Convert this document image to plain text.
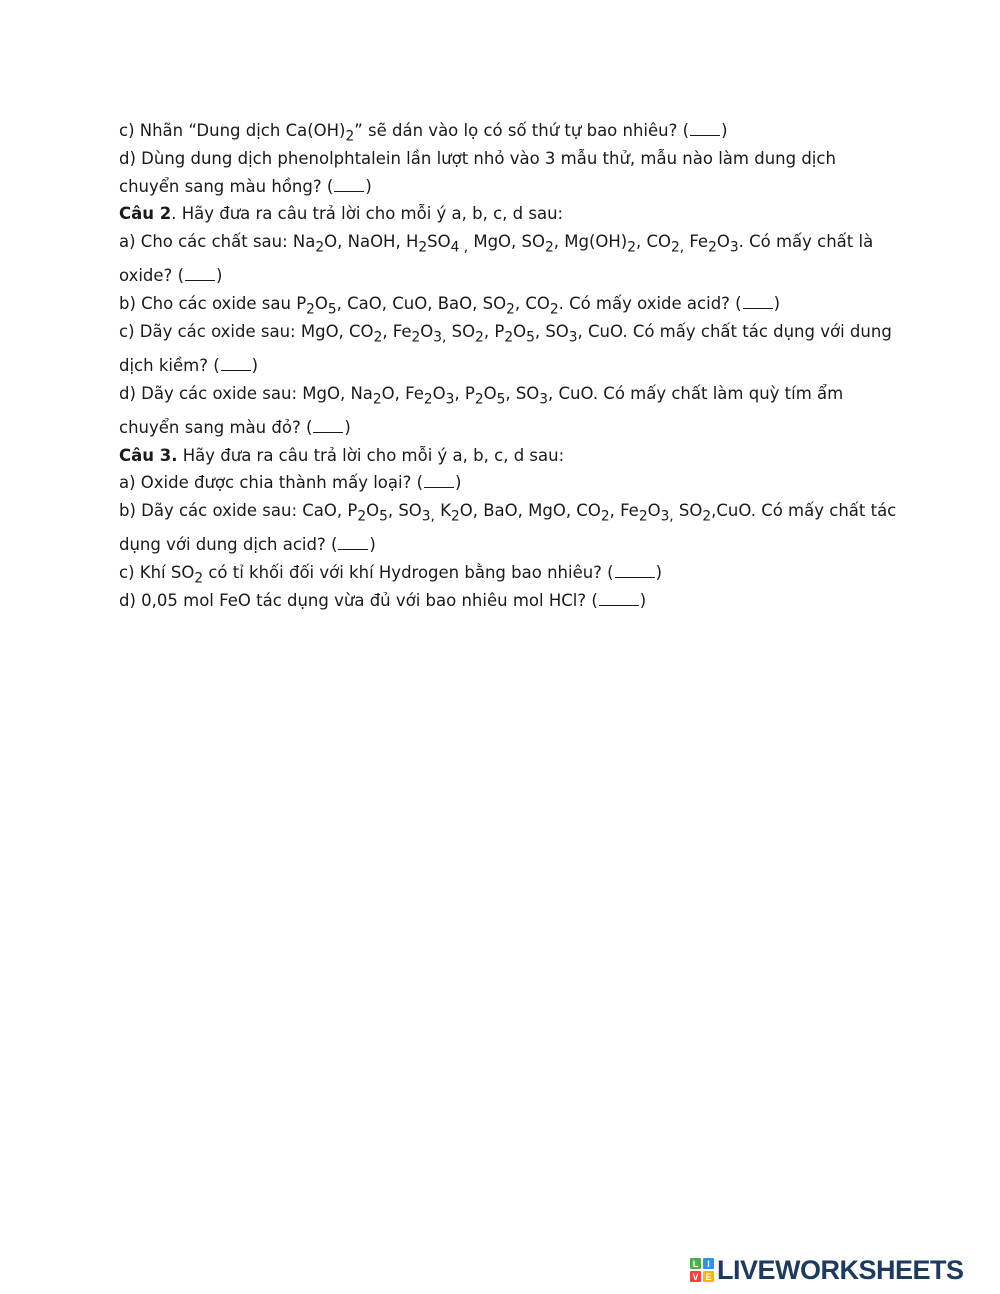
c) Nhãn “Dung dịch $Ca(OH)_2$” sẽ dán vào lọ có số thứ tự bao nhiêu? ( )
d) Dùng dung dịch phenolphtalein lần lượt nhỏ vào 3 mẫu thử, mẫu nào làm dung dịch chuyển sang màu hồng? ( )
Câu 2. Hãy đưa ra câu trả lời cho mỗi ý a, b, c, d sau:
a) Cho các chất sau: $Na_2O$, NaOH, $H_2SO_{4 ,}$ MgO, $SO_2$, $Mg(OH)_2$, $CO_{2,}$ $Fe_2O_3$. Có mấy chất là oxide? ( )
b) Cho các oxide sau $P_2O_5$, CaO, CuO, BaO, $SO_2$, $CO_2$. Có mấy oxide acid? ( )
c) Dãy các oxide sau: MgO, $CO_2$, $Fe_2O_{3,}$ $SO_2$, $P_2O_5$, $SO_3$, CuO. Có mấy chất tác dụng với dung dịch kiềm? ( )
d) Dãy các oxide sau: MgO, $Na_2O$, $Fe_2O_3$, $P_2O_5$, $SO_3$, CuO. Có mấy chất làm quỳ tím ẩm chuyển sang màu đỏ? ( )
Câu 3. Hãy đưa ra câu trả lời cho mỗi ý a, b, c, d sau:
a) Oxide được chia thành mấy loại? ( )
b) Dãy các oxide sau: CaO, $P_2O_5$, $SO_{3,}$ $K_2O$, BaO, MgO, $CO_2$, $Fe_2O_{3,}$ $SO_2,CuO$. Có mấy chất tác dụng với dung dịch acid? ( )
c) Khí $SO_2$ có tỉ khối đối với khí Hydrogen bằng bao nhiêu? (	)
d) 0,05 mol FeO tác dụng vừa đủ với bao nhiêu mol HCl? (	)
L I
V E LIVEWORKSHEETS
